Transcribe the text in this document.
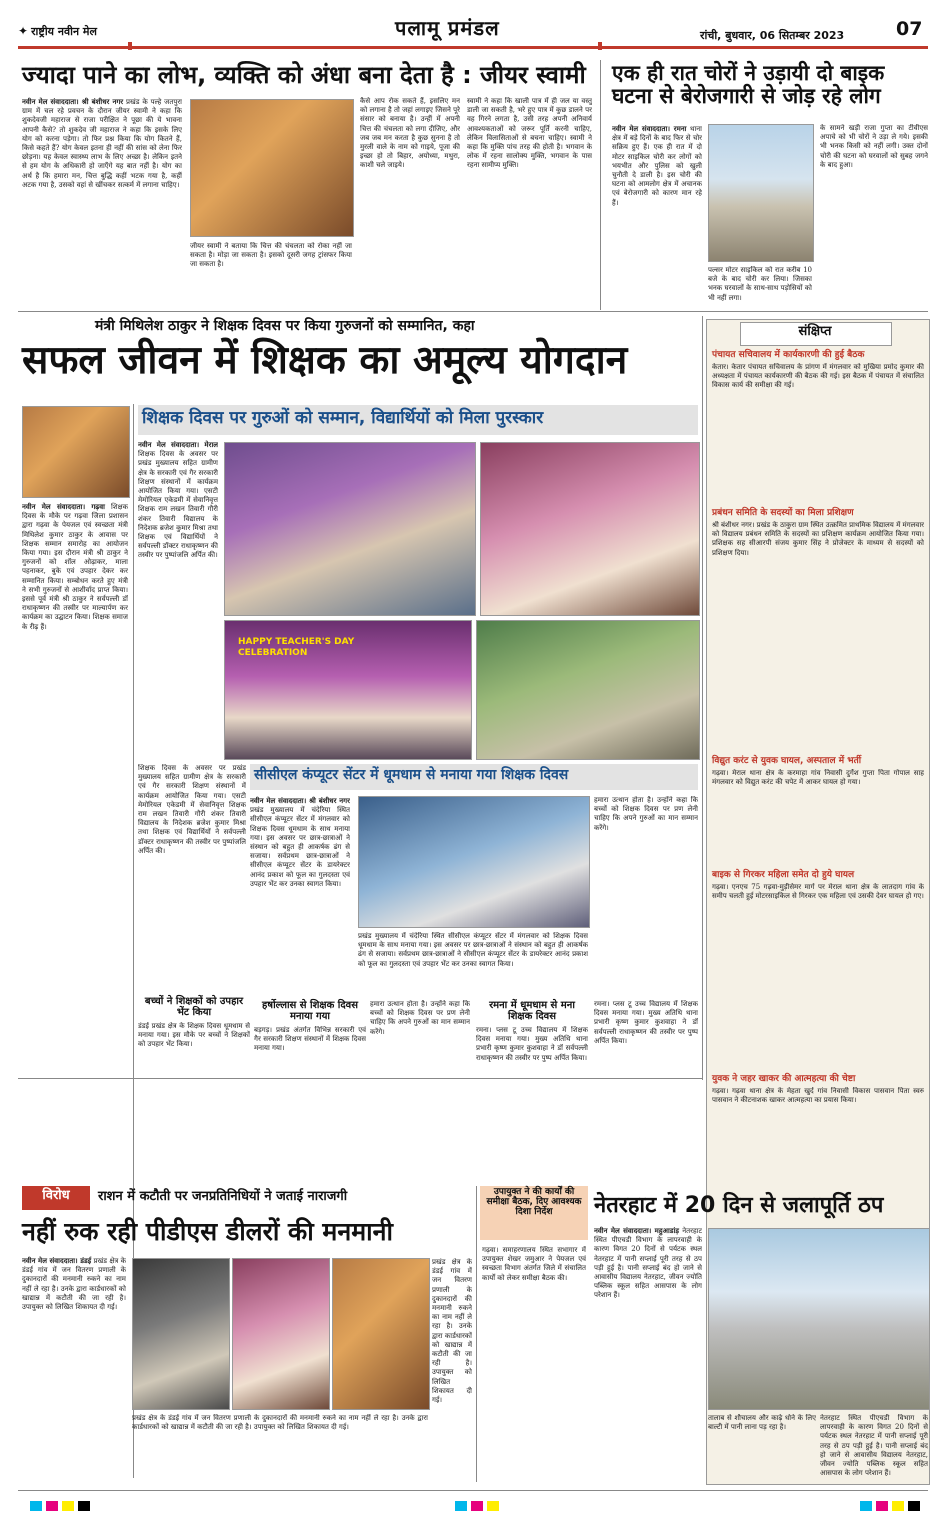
✦ राष्ट्रीय नवीन मेल	पलामू प्रमंडल	रांची, बुधवार, 06 सितम्बर 2023	07
ज्यादा पाने का लोभ, व्यक्ति को अंधा बना देता है : जीयर स्वामी
नवीन मेल संवाददाता। श्री बंशीधर नगर प्रखंड के पल्हे जतपुरा ग्राम में चल रहे प्रवचन के दौरान जीयर स्वामी ने कहा कि शुकदेवजी महाराज से राजा परीक्षित ने पूछा की ये भावना आपनी कैसे? तो शुकदेव जी महाराज ने कहा कि इसके लिए योग को करना पड़ेगा। तो फिर प्रश्न किया कि योग कितने हैं, किसे कहते हैं? योग केवल इतना ही नहीं की सांस को लेना फिर छोड़ना। यह केवल स्वास्थ्य लाभ के लिए अच्छा है। लेकिन इतने से हम योग के अधिकारी हो जाएँगे यह बात नहीं है। योग का अर्थ है कि हमारा मन, चित्त बुद्धि कहीं भटक गया है, कहीं अटक गया है, उसको वहां से खींचकर सत्कर्म में लगाना चाहिए।
जीयर स्वामी ने बताया कि चित्त की चंचलता को रोका नहीं जा सकता है। मोड़ा जा सकता है। इसको दूसरी जगह ट्रांसफर किया जा सकता है।
कैसे आप रोक सकते हैं, इसलिए मन को लगाना है तो जहां लगाइए जिसने पूरे संसार को बनाया है। उन्हीं में अपनी चित्त की चंचलता को लगा दीजिए, और जब जब मन करता है कुछ सुनना है तो मुरली वाले के नाम को गाइये, पूजा की इच्छा हो तो बिहार, अयोध्या, मथुरा, काशी चले जाइये।
स्वामी ने कहा कि खाली पात्र में ही जल या वस्तु डाली जा सकती है, भरे हुए पात्र में कुछ डालने पर वह गिरने लगता है, उसी तरह अपनी अनिवार्य आवश्यकताओं को जरूर पूर्ति करनी चाहिए, लेकिन विलासिताओं से बचना चाहिए। स्वामी ने कहा कि मुक्ति पांच तरह की होती है। भगवान के लोक में रहना सालोक्य मुक्ति, भगवान के पास रहना सामीप्य मुक्ति।
एक ही रात चोरों ने उड़ायी दो बाइक घटना से बेरोजगारी से जोड़ रहे लोग
नवीन मेल संवाददाता। रमना थाना क्षेत्र में बड़े दिनों के बाद फिर से चोर सक्रिय हुए हैं। एक ही रात में दो मोटर साइकिल चोरी कर लोगों को भयभीत और पुलिस को खुली चुनौती दे डाली है। इस चोरी की घटना को आमलोग क्षेत्र में अचानक एवं बेरोजगारी को कारण मान रहे हैं।
पल्सर मोटर साइकिल को रात करीब 10 बजे के बाद चोरी कर लिया। जिसका भनक घरवालों के साथ-साथ पड़ोसियों को भी नहीं लगा।
के सामने खड़ी राजा गुप्ता का टीवीएस अपाचे को भी चोरों ने उड़ा ले गये। इसकी भी भनक किसी को नहीं लगी। उक्त दोनों चोरी की घटना को घरवालों को सुबह जगने के बाद हुआ।
मंत्री मिथिलेश ठाकुर ने शिक्षक दिवस पर किया गुरुजनों को सम्मानित, कहा
सफल जीवन में शिक्षक का अमूल्य योगदान
नवीन मेल संवाददाता। गढ़वा शिक्षक दिवस के मौके पर गढ़वा जिला प्रशासन द्वारा गढ़वा के पेयजल एवं स्वच्छता मंत्री मिथिलेश कुमार ठाकुर के आवास पर शिक्षक सम्मान समारोह का आयोजन किया गया। इस दौरान मंत्री श्री ठाकुर ने गुरुजनों को शॉल ओढ़ाकर, माला पहनाकर, बुके एवं उपहार देकर कर सम्मानित किया। सम्बोधन करते हुए मंत्री ने सभी गुरुजनों से आशीर्वाद प्राप्त किया। इससे पूर्व मंत्री श्री ठाकुर ने सर्वपल्ली डॉ राधाकृष्णन की तस्वीर पर माल्यार्पण कर कार्यक्रम का उद्घाटन किया। शिक्षक समाज के रीढ़ हैं।
शिक्षक दिवस पर गुरुओं को सम्मान, विद्यार्थियों को मिला पुरस्कार
नवीन मेल संवाददाता। मेराल शिक्षक दिवस के अवसर पर प्रखंड मुख्यालय सहित ग्रामीण क्षेत्र के सरकारी एवं गैर सरकारी शिक्षण संस्थानों में कार्यक्रम आयोजित किया गया। एसटी मेमोरियल एकेडमी में सेवानिवृत्त शिक्षक राम लखन तिवारी गौरी शंकर तिवारी विद्यालय के निदेशक ब्रजेश कुमार मिश्रा तथा शिक्षक एवं विद्यार्थियों ने सर्वपल्ली डॉक्टर राधाकृष्णन की तस्वीर पर पुष्पांजलि अर्पित की।
HAPPY TEACHER'S DAY CELEBRATION
सीसीएल कंप्यूटर सेंटर में धूमधाम से मनाया गया शिक्षक दिवस
शिक्षक दिवस के अवसर पर प्रखंड मुख्यालय सहित ग्रामीण क्षेत्र के सरकारी एवं गैर सरकारी शिक्षण संस्थानों में कार्यक्रम आयोजित किया गया। एसटी मेमोरियल एकेडमी में सेवानिवृत्त शिक्षक राम लखन तिवारी गौरी शंकर तिवारी विद्यालय के निदेशक ब्रजेश कुमार मिश्रा तथा शिक्षक एवं विद्यार्थियों ने सर्वपल्ली डॉक्टर राधाकृष्णन की तस्वीर पर पुष्पांजलि अर्पित की।
नवीन मेल संवाददाता। श्री बंशीधर नगर प्रखंड मुख्यालय में चंदेरिया स्थित सीसीएल कंप्यूटर सेंटर में मंगलवार को शिक्षक दिवस धूमधाम के साथ मनाया गया। इस अवसर पर छात्र-छात्राओं ने संस्थान को बहुत ही आकर्षक ढंग से सजाया। सर्वप्रथम छात्र-छात्राओं ने सीसीएल कंप्यूटर सेंटर के डायरेक्टर आनंद प्रकाश को फूल का गुलदस्ता एवं उपहार भेंट कर उनका स्वागत किया।
प्रखंड मुख्यालय में चंदेरिया स्थित सीसीएल कंप्यूटर सेंटर में मंगलवार को शिक्षक दिवस धूमधाम के साथ मनाया गया। इस अवसर पर छात्र-छात्राओं ने संस्थान को बहुत ही आकर्षक ढंग से सजाया। सर्वप्रथम छात्र-छात्राओं ने सीसीएल कंप्यूटर सेंटर के डायरेक्टर आनंद प्रकाश को फूल का गुलदस्ता एवं उपहार भेंट कर उनका स्वागत किया।
हमारा उत्थान होता है। उन्होंने कहा कि बच्चों को शिक्षक दिवस पर प्रण लेनी चाहिए कि अपने गुरुओं का मान सम्मान करेंगे।
बच्चों ने शिक्षकों को उपहार भेंट किया
डंडई प्रखंड क्षेत्र के शिक्षक दिवस धूमधाम से मनाया गया। इस मौके पर बच्चों ने शिक्षकों को उपहार भेंट किया।
हर्षोल्लास से शिक्षक दिवस मनाया गया
बड़गड़। प्रखंड अंतर्गत विभिन्न सरकारी एवं गैर सरकारी शिक्षण संस्थानों में शिक्षक दिवस मनाया गया।
हमारा उत्थान होता है। उन्होंने कहा कि बच्चों को शिक्षक दिवस पर प्रण लेनी चाहिए कि अपने गुरुओं का मान सम्मान करेंगे।
रमना में धूमधाम से मना शिक्षक दिवस
रमना। प्लस टू उच्च विद्यालय में शिक्षक दिवस मनाया गया। मुख्य अतिथि थाना प्रभारी कृष्ण कुमार कुशवाहा ने डॉ सर्वपल्ली राधाकृष्णन की तस्वीर पर पुष्प अर्पित किया।
रमना। प्लस टू उच्च विद्यालय में शिक्षक दिवस मनाया गया। मुख्य अतिथि थाना प्रभारी कृष्ण कुमार कुशवाहा ने डॉ सर्वपल्ली राधाकृष्णन की तस्वीर पर पुष्प अर्पित किया।
संक्षिप्त
पंचायत सचिवालय में कार्यकारणी की हुई बैठक
केतार। केतार पंचायत सचिवालय के प्रांगण में मंगलवार को मुखिया प्रमोद कुमार की अध्यक्षता में पंचायत कार्यकारणी की बैठक की गई। इस बैठक में पंचायत में संचालित विकास कार्य की समीक्षा की गई।
प्रबंधन समिति के सदस्यों का मिला प्रशिक्षण
श्री बंशीधर नगर। प्रखंड के ठाकुरा ग्राम स्थित उत्क्रमित प्राथमिक विद्यालय में मंगलवार को विद्यालय प्रबंधन समिति के सदस्यों का प्रशिक्षण कार्यक्रम आयोजित किया गया। प्रशिक्षक सह सीआरपी संजय कुमार सिंह ने प्रोजेक्टर के माध्यम से सदस्यों को प्रशिक्षण दिया।
विद्युत करंट से युवक घायल, अस्पताल में भर्ती
गढ़वा। मेराल थाना क्षेत्र के करमाहा गांव निवासी दुर्गेश गुप्ता पिता गोपाल साह मंगलवार को विद्युत करंट की चपेट में आकर घायल हो गया।
बाइक से गिरकर महिला समेत दो हुये घायल
गढ़वा। एनएच 75 गढ़वा-मुड़ीसेमर मार्ग पर मेराल थाना क्षेत्र के लातदाग गांव के समीप चलती हुई मोटरसाइकिल से गिरकर एक महिला एवं उसकी देवर घायल हो गए।
युवक ने जहर खाकर की आत्महत्या की चेष्टा
गढ़वा। गढ़वा थाना क्षेत्र के मेहता खुर्द गांव निवासी विकास पासवान पिता स्वरु पासवान ने कीटनाशक खाकर आत्महत्या का प्रयास किया।
विरोध	राशन में कटौती पर जनप्रतिनिधियों ने जताई नाराजगी
नहीं रुक रही पीडीएस डीलरों की मनमानी
नवीन मेल संवाददाता। डंडई प्रखंड क्षेत्र के डंडई गांव में जन वितरण प्रणाली के दुकानदारों की मनमानी रुकने का नाम नहीं ले रहा है। उनके द्वारा कार्डधारकों को खाद्यान्न में कटौती की जा रही है। उपायुक्त को लिखित शिकायत दी गई।
प्रखंड क्षेत्र के डंडई गांव में जन वितरण प्रणाली के दुकानदारों की मनमानी रुकने का नाम नहीं ले रहा है। उनके द्वारा कार्डधारकों को खाद्यान्न में कटौती की जा रही है। उपायुक्त को लिखित शिकायत दी गई।
प्रखंड क्षेत्र के डंडई गांव में जन वितरण प्रणाली के दुकानदारों की मनमानी रुकने का नाम नहीं ले रहा है। उनके द्वारा कार्डधारकों को खाद्यान्न में कटौती की जा रही है। उपायुक्त को लिखित शिकायत दी गई।
उपायुक्त ने की कार्यों की समीक्षा बैठक, दिए आवश्यक दिशा निर्देश
गढ़वा। समाहरणालय स्थित सभागार में उपायुक्त शेखर जमुआर ने पेयजल एवं स्वच्छता विभाग अंतर्गत जिले में संचालित कार्यों को लेकर समीक्षा बैठक की।
नेतरहाट में 20 दिन से जलापूर्ति ठप
नवीन मेल संवाददाता। महुआडांड़ नेतरहाट स्थित पीएचडी विभाग के लापरवाही के कारण विगत 20 दिनों से पर्यटक स्थल नेतरहाट में पानी सप्लाई पूरी तरह से ठप पड़ी हुई है। पानी सप्लाई बंद हो जाने से आवासीय विद्यालय नेतरहाट, जीवन ज्योति पब्लिक स्कूल सहित आसपास के लोग परेशान हैं।
तालाब से शौचालय और काढ़े धोने के लिए बाल्टी में पानी लाना पड़ रहा है।
नेतरहाट स्थित पीएचडी विभाग के लापरवाही के कारण विगत 20 दिनों से पर्यटक स्थल नेतरहाट में पानी सप्लाई पूरी तरह से ठप पड़ी हुई है। पानी सप्लाई बंद हो जाने से आवासीय विद्यालय नेतरहाट, जीवन ज्योति पब्लिक स्कूल सहित आसपास के लोग परेशान हैं।
